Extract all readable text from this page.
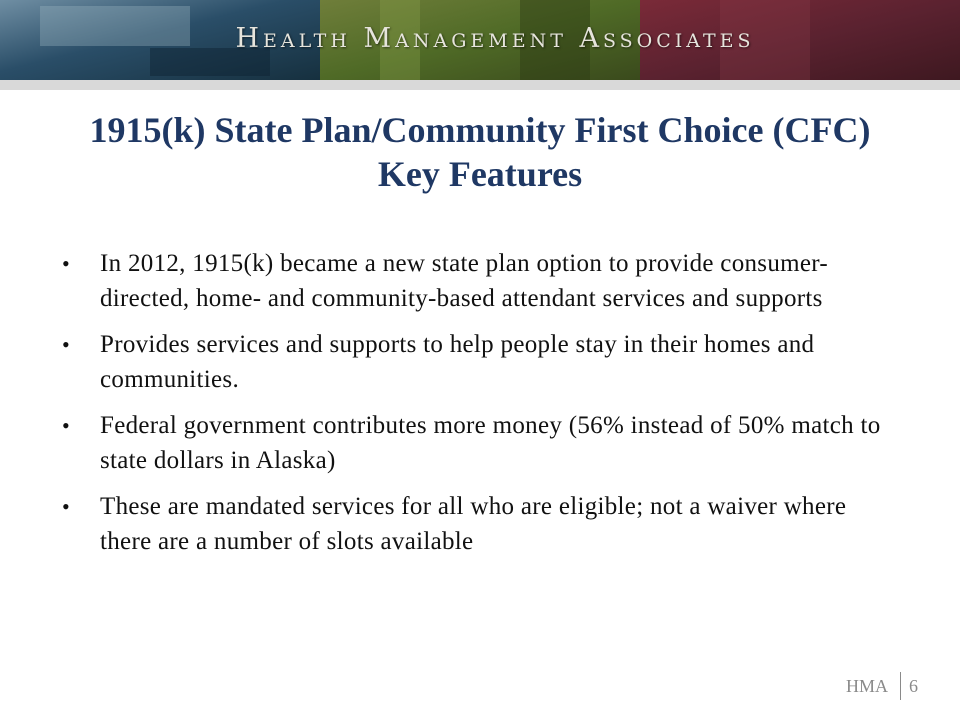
Health Management Associates
1915(k) State Plan/Community First Choice (CFC)
Key Features
• In 2012, 1915(k) became a new state plan option to provide consumer-directed, home- and community-based attendant services and supports
• Provides services and supports to help people stay in their homes and communities.
• Federal government contributes more money (56% instead of 50% match to state dollars in Alaska)
• These are mandated services for all who are eligible; not a waiver where there are a number of slots available
HMA 6
